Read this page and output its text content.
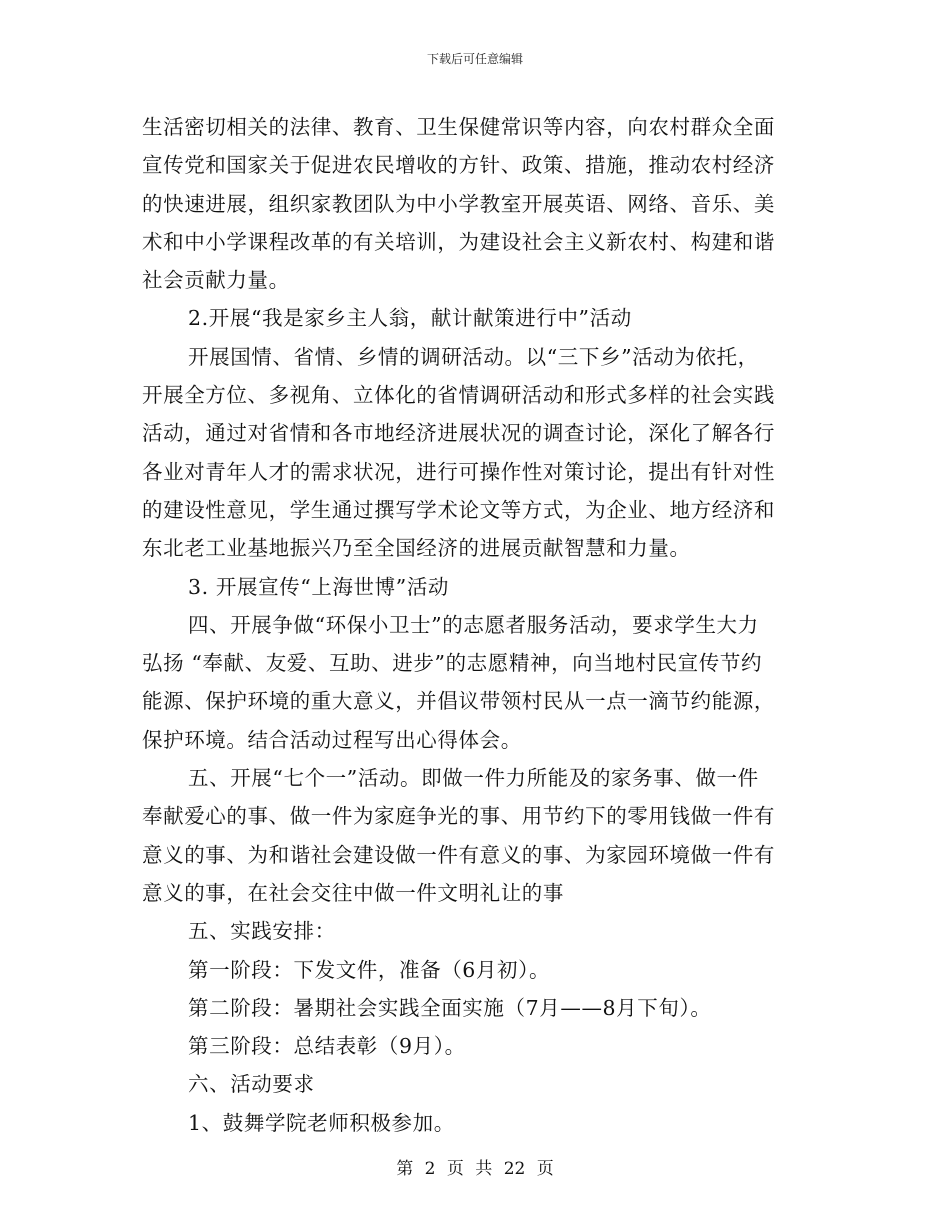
下载后可任意编辑
生活密切相关的法律、教育、卫生保健常识等内容，向农村群众全面
宣传党和国家关于促进农民增收的方针、政策、措施，推动农村经济
的快速进展，组织家教团队为中小学教室开展英语、网络、音乐、美
术和中小学课程改革的有关培训，为建设社会主义新农村、构建和谐
社会贡献力量。
2.开展“我是家乡主人翁，献计献策进行中”活动
开展国情、省情、乡情的调研活动。以“三下乡”活动为依托，
开展全方位、多视角、立体化的省情调研活动和形式多样的社会实践
活动，通过对省情和各市地经济进展状况的调查讨论，深化了解各行
各业对青年人才的需求状况，进行可操作性对策讨论，提出有针对性
的建设性意见，学生通过撰写学术论文等方式，为企业、地方经济和
东北老工业基地振兴乃至全国经济的进展贡献智慧和力量。
3. 开展宣传“上海世博”活动
四、开展争做“环保小卫士”的志愿者服务活动，要求学生大力
弘扬 “奉献、友爱、互助、进步”的志愿精神，向当地村民宣传节约
能源、保护环境的重大意义，并倡议带领村民从一点一滴节约能源，
保护环境。结合活动过程写出心得体会。
五、开展“七个一”活动。即做一件力所能及的家务事、做一件
奉献爱心的事、做一件为家庭争光的事、用节约下的零用钱做一件有
意义的事、为和谐社会建设做一件有意义的事、为家园环境做一件有
意义的事，在社会交往中做一件文明礼让的事
五、实践安排：
第一阶段：下发文件，准备（6月初）。
第二阶段：暑期社会实践全面实施（7月——8月下旬）。
第三阶段：总结表彰（9月）。
六、活动要求
1、鼓舞学院老师积极参加。
第 2 页 共 22 页
